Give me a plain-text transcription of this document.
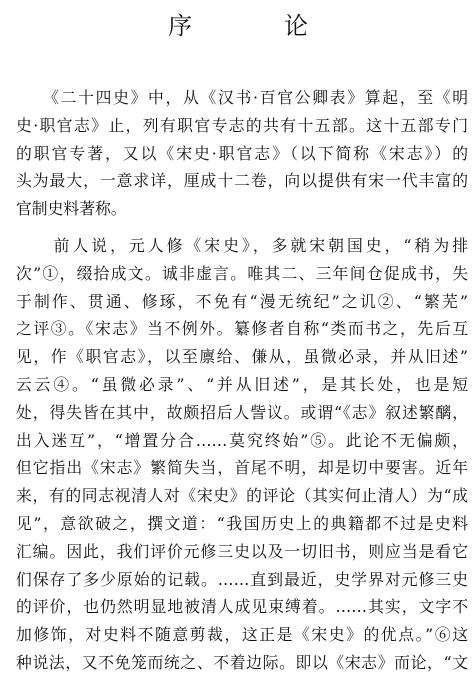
序　论
　　《二十四史》中，从《汉书·百官公卿表》算起，至《明
史·职官志》止，列有职官专志的共有十五部。这十五部专门
的职官专著，又以《宋史·职官志》（以下简称《宋志》）的
头为最大，一意求详，厘成十二卷，向以提供有宋一代丰富的
官制史料著称。
　　前人说，元人修《宋史》，多就宋朝国史，“稍为排
次”①，缀拾成文。诚非虚言。唯其二、三年间仓促成书，失
于制作、贯通、修琢，不免有“漫无统纪”之讥②、“繁芜”
之评③。《宋志》当不例外。纂修者自称“类而书之，先后互
见，作《职官志》，以至廪给、傔从，虽微必录，并从旧述”
云云④。“虽微必录”、“并从旧述”，是其长处，也是短
处，得失皆在其中，故颇招后人訾议。或谓“《志》叙述繁醨，
出入迷互”，“增置分合……莫究终始”⑤。此论不无偏颇，
但它指出《宋志》繁简失当，首尾不明，却是切中要害。近年
来，有的同志视清人对《宋史》的评论（其实何止清人）为“成
见”，意欲破之，撰文道：“我国历史上的典籍都不过是史料
汇编。因此，我们评价元修三史以及一切旧书，则应当是看它
们保存了多少原始的记载。……直到最近，史学界对元修三史
的评价，也仍然明显地被清人成见束缚着。……其实，文字不
加修饰，对史料不随意剪裁，这正是《宋史》的优点。”⑥这
种说法，又不免笼而统之、不着边际。即以《宋志》而论，“文
